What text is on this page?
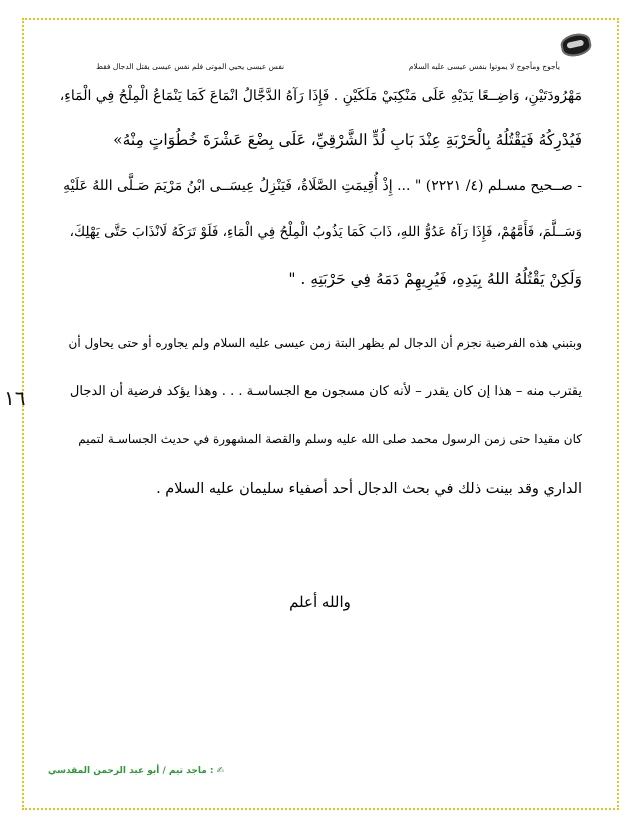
يأجوج ومأجوج لا يموتوا بنفس عيسى عليه السلام
نفس عيسى يحيي الموتى فلم نفس عيسى يقتل الدجال فقط
مَهْرُودَتَيْنِ، وَاضِــعًا يَدَيْهِ عَلَى مَنْكِبَيْ مَلَكَيْنِ . فَإِذَا رَآهُ الدَّجَّالُ انْمَاعَ كَمَا يَنْمَاعُ الْمِلْحُ فِي الْمَاءِ،
فَيُدْرِكُهُ فَيَقْتُلُهُ بِالْحَرْبَةِ عِنْدَ بَابِ لُدٍّ الشَّرْقِيِّ، عَلَى بِضْعَ عَشْرَةَ خُطُوَاتٍ مِنْهُ»
- صــحيح مسـلم (٤/ ٢٢٢١) " ... إِذْ أُقِيمَتِ الصَّلَاةُ، فَيَنْزِلُ عِيسَــى ابْنُ مَرْيَمَ صَـلَّى اللهُ عَلَيْهِ
وَسَــلَّمَ، فَأَمَّهُمْ، فَإِذَا رَآهُ عَدُوُّ اللهِ، ذَابَ كَمَا يَذُوبُ الْمِلْحُ فِي الْمَاءِ، فَلَوْ تَرَكَهُ لَانْذَابَ حَتَّى يَهْلِكَ،
وَلَكِنْ يَقْتُلُهُ اللهُ بِيَدِهِ، فَيُرِيهِمْ دَمَهُ فِي حَرْبَتِهِ . "
وبتبني هذه الفرضية نجزم أن الدجال لم يظهر البتة زمن عيسى عليه السلام ولم يجاوره أو حتى يحاول أن
يقترب منه – هذا إن كان يقدر – لأنه كان مسجون مع الجساسـة . . . وهذا يؤكد فرضية أن الدجال
كان مقيدا حتى زمن الرسول محمد صلى الله عليه وسلم والقصة المشهورة في حديث الجساسـة لتميم
الداري وقد بينت ذلك في بحث الدجال أحد أصفياء سليمان عليه السلام .
١٦
والله أعلم
✍ : ماجد تيم / أبو عبد الرحمن المقدسي
